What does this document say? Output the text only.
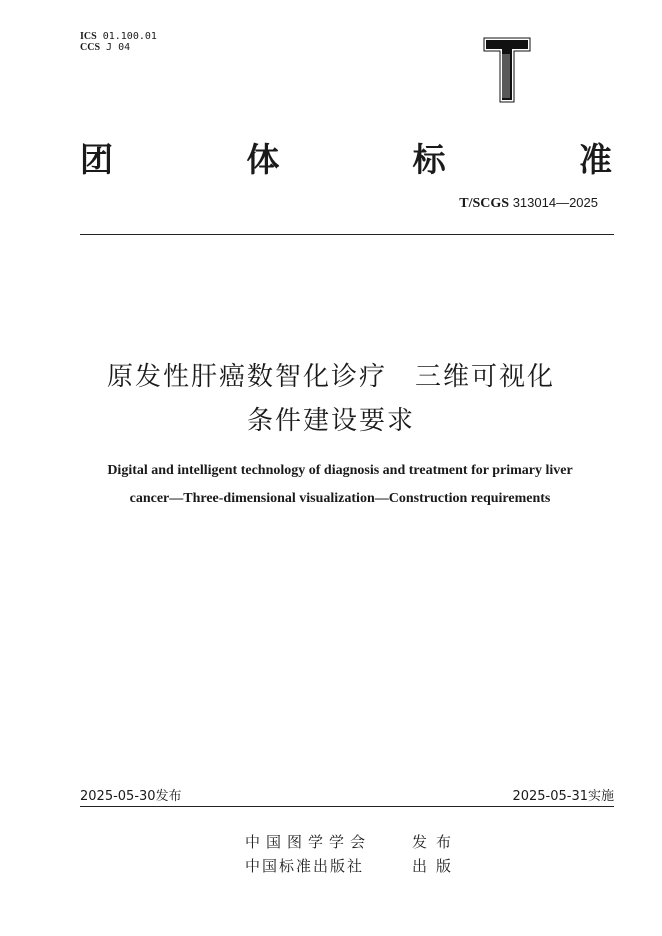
ICS 01.100.01
CCS J 04
团	体	标	准
T/SCGS 313014—2025
原发性肝癌数智化诊疗　三维可视化
条件建设要求
Digital and intelligent technology of diagnosis and treatment for primary liver
cancer—Three-dimensional visualization—Construction requirements
2025-05-30发布	2025-05-31实施
中国图学学会	发布
中国标准出版社	出版
